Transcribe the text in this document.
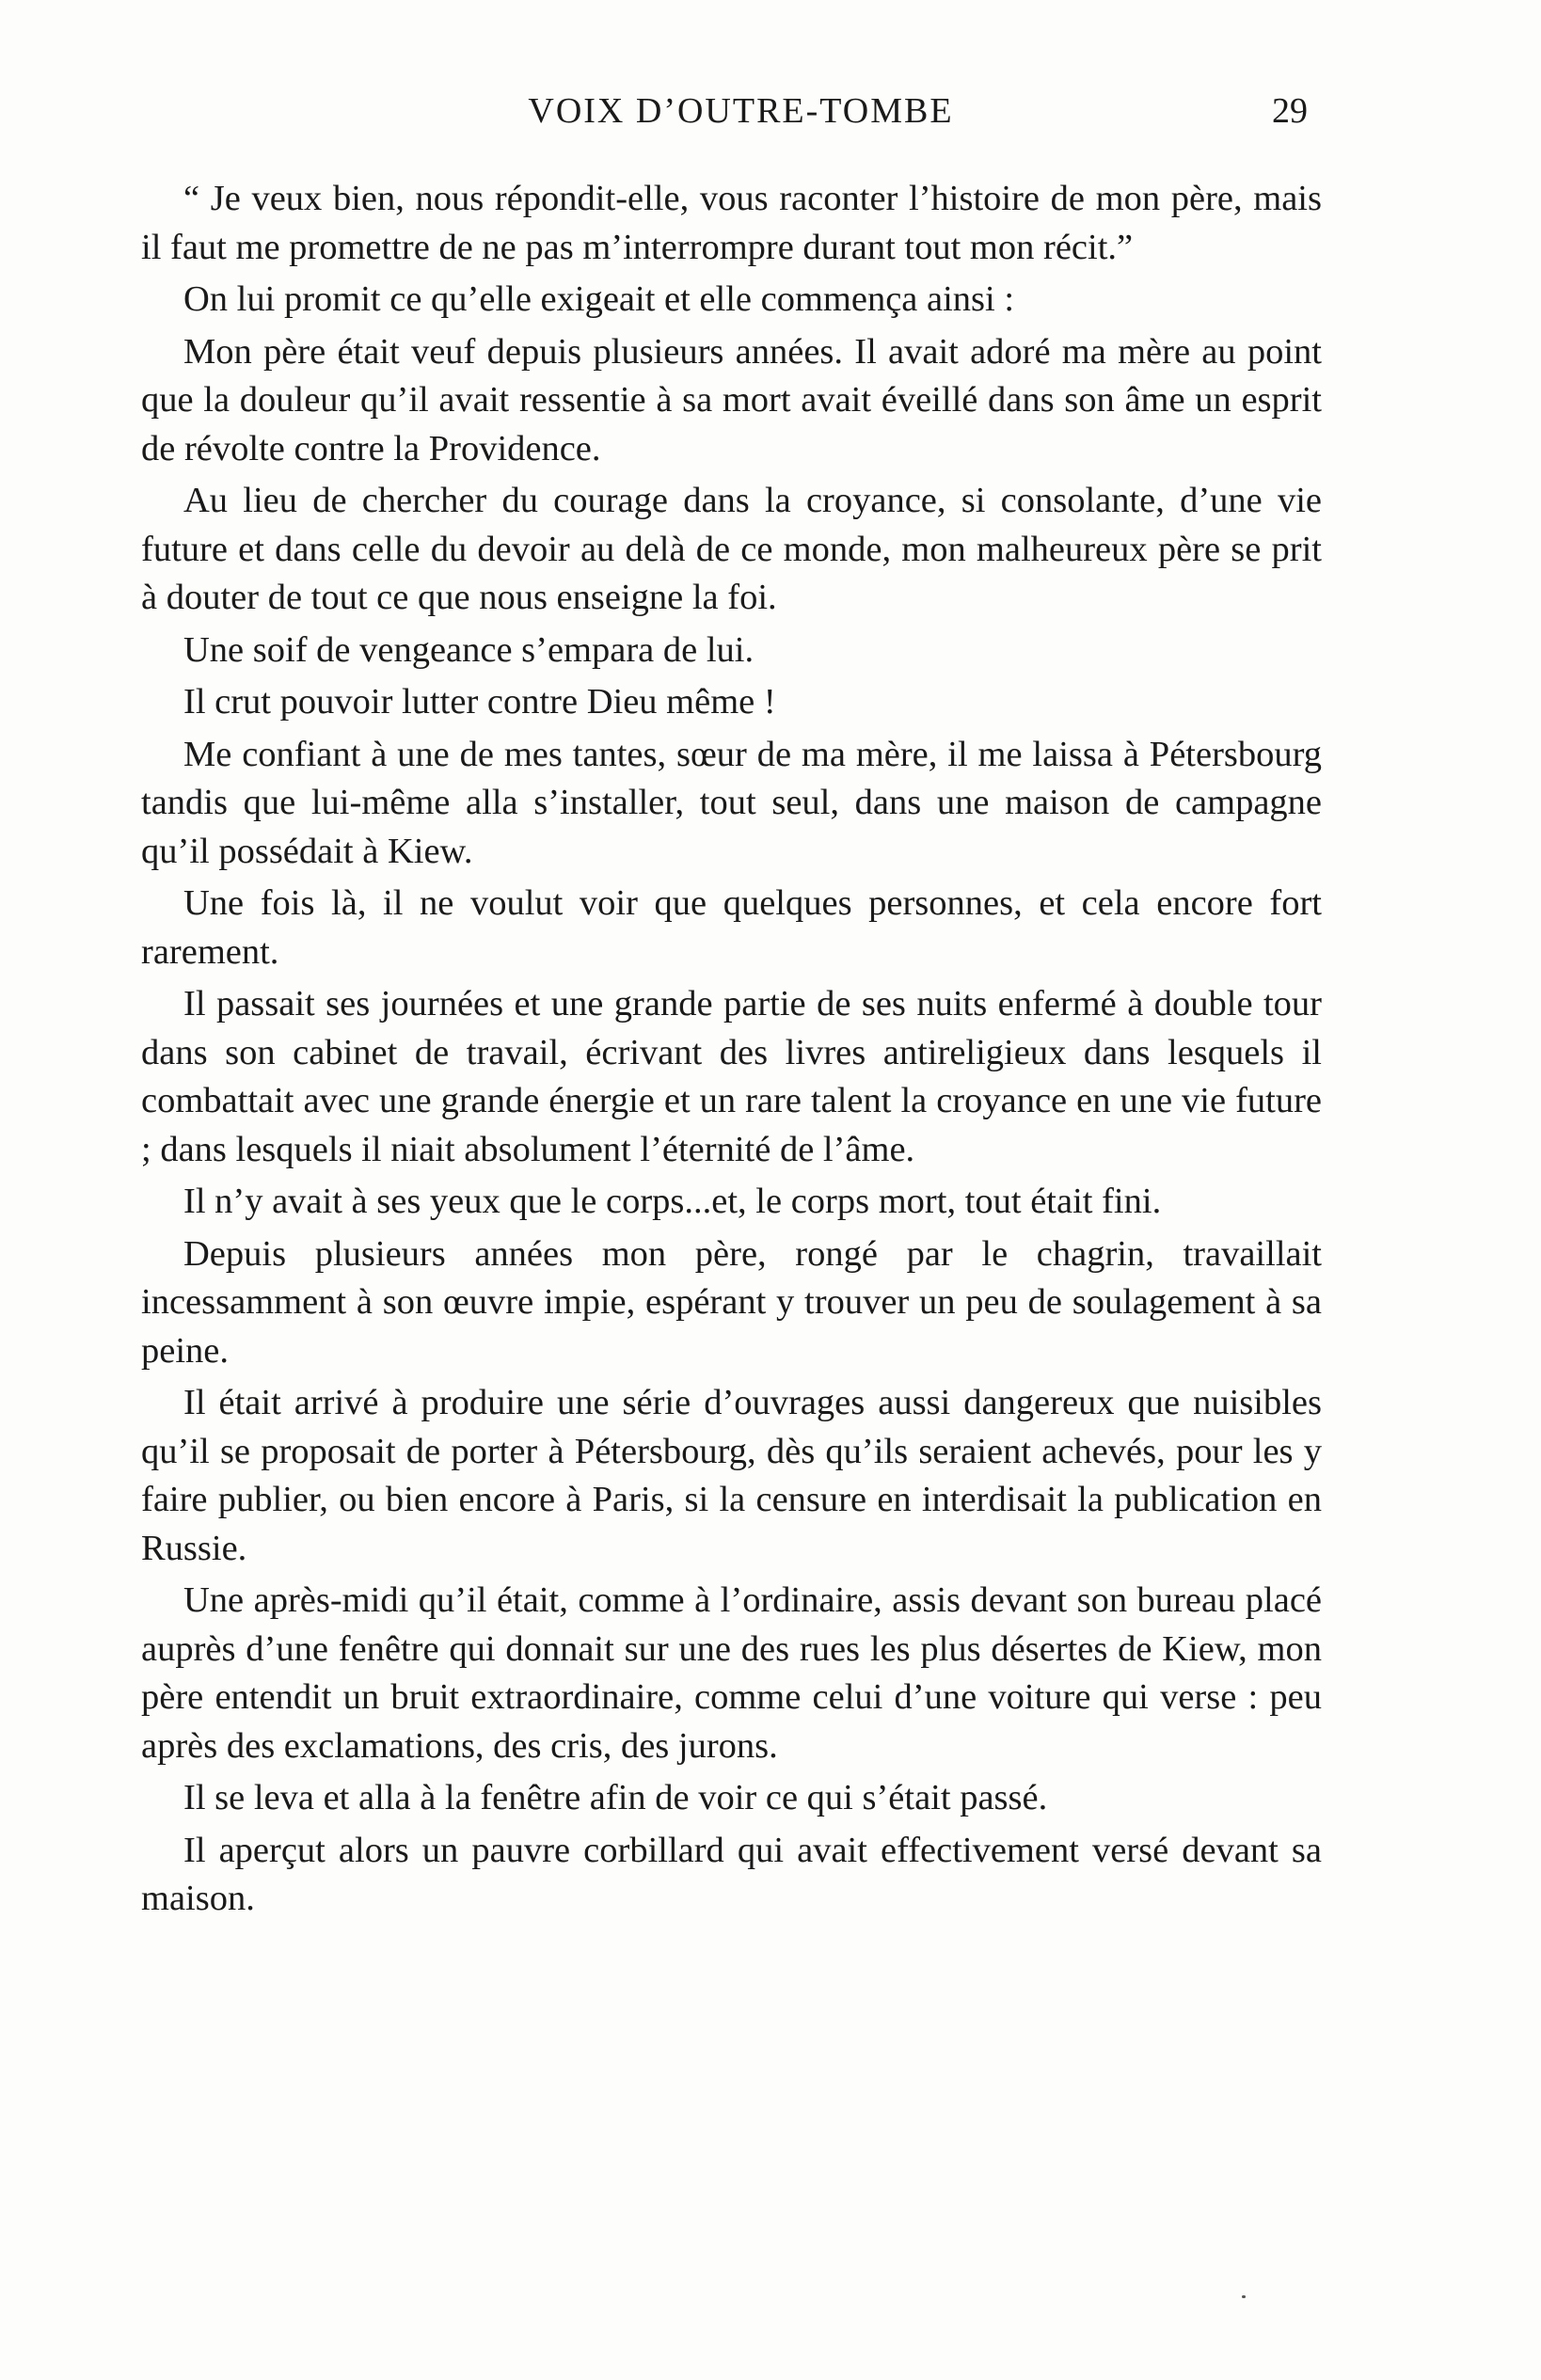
VOIX D’OUTRE-TOMBE	29

“ Je veux bien, nous répondit-elle, vous raconter l’histoire de mon père, mais il faut me promettre de ne pas m’interrompre durant tout mon récit.”

On lui promit ce qu’elle exigeait et elle commença ainsi :

Mon père était veuf depuis plusieurs années. Il avait adoré ma mère au point que la douleur qu’il avait ressentie à sa mort avait éveillé dans son âme un esprit de révolte contre la Providence.

Au lieu de chercher du courage dans la croyance, si consolante, d’une vie future et dans celle du devoir au delà de ce monde, mon malheureux père se prit à douter de tout ce que nous enseigne la foi.

Une soif de vengeance s’empara de lui.

Il crut pouvoir lutter contre Dieu même !

Me confiant à une de mes tantes, sœur de ma mère, il me laissa à Pétersbourg tandis que lui-même alla s’installer, tout seul, dans une maison de campagne qu’il possédait à Kiew.

Une fois là, il ne voulut voir que quelques personnes, et cela encore fort rarement.

Il passait ses journées et une grande partie de ses nuits enfermé à double tour dans son cabinet de travail, écrivant des livres antireligieux dans lesquels il combattait avec une grande énergie et un rare talent la croyance en une vie future ; dans lesquels il niait absolument l’éternité de l’âme.

Il n’y avait à ses yeux que le corps...et, le corps mort, tout était fini.

Depuis plusieurs années mon père, rongé par le chagrin, travaillait incessamment à son œuvre impie, espérant y trouver un peu de soulagement à sa peine.

Il était arrivé à produire une série d’ouvrages aussi dangereux que nuisibles qu’il se proposait de porter à Pétersbourg, dès qu’ils seraient achevés, pour les y faire publier, ou bien encore à Paris, si la censure en interdisait la publication en Russie.

Une après-midi qu’il était, comme à l’ordinaire, assis devant son bureau placé auprès d’une fenêtre qui donnait sur une des rues les plus désertes de Kiew, mon père entendit un bruit extraordinaire, comme celui d’une voiture qui verse : peu après des exclamations, des cris, des jurons.

Il se leva et alla à la fenêtre afin de voir ce qui s’était passé.

Il aperçut alors un pauvre corbillard qui avait effectivement versé devant sa maison.
